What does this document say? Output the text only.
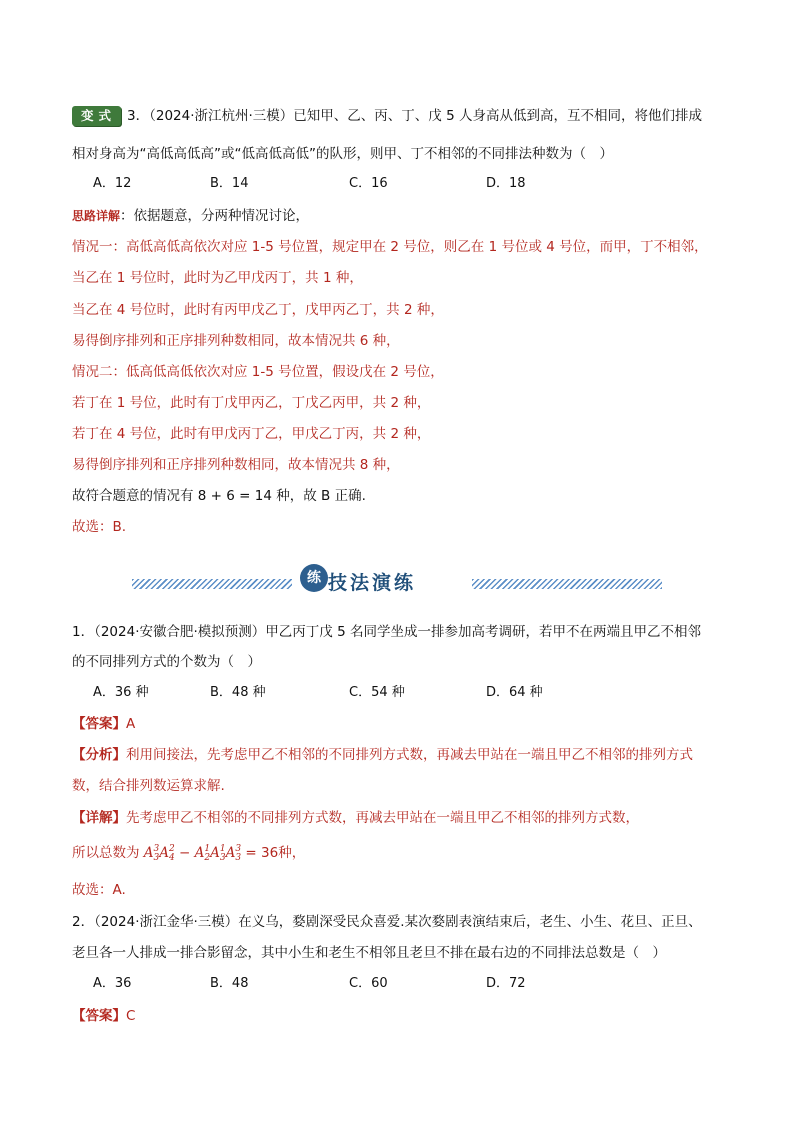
变式 3．（2024·浙江杭州·三模）已知甲、乙、丙、丁、戊 5 人身高从低到高，互不相同，将他们排成
相对身高为“高低高低高”或“低高低高低”的队形，则甲、丁不相邻的不同排法种数为（　）
A．12	B．14	C．16	D．18
思路详解：依据题意，分两种情况讨论，
情况一：高低高低高依次对应 1-5 号位置，规定甲在 2 号位，则乙在 1 号位或 4 号位，而甲，丁不相邻，
当乙在 1 号位时，此时为乙甲戊丙丁，共 1 种，
当乙在 4 号位时，此时有丙甲戊乙丁，戊甲丙乙丁，共 2 种，
易得倒序排列和正序排列种数相同，故本情况共 6 种，
情况二：低高低高低依次对应 1-5 号位置，假设戊在 2 号位，
若丁在 1 号位，此时有丁戊甲丙乙，丁戊乙丙甲，共 2 种，
若丁在 4 号位，此时有甲戊丙丁乙，甲戊乙丁丙，共 2 种，
易得倒序排列和正序排列种数相同，故本情况共 8 种，
故符合题意的情况有 8 + 6 = 14 种，故 B 正确.
故选：B.
练 技法演练
1．（2024·安徽合肥·模拟预测）甲乙丙丁戊 5 名同学坐成一排参加高考调研，若甲不在两端且甲乙不相邻
的不同排列方式的个数为（　）
A．36 种	B．48 种	C．54 种	D．64 种
【答案】A
【分析】利用间接法，先考虑甲乙不相邻的不同排列方式数，再减去甲站在一端且甲乙不相邻的排列方式
数，结合排列数运算求解.
【详解】先考虑甲乙不相邻的不同排列方式数，再减去甲站在一端且甲乙不相邻的排列方式数，
所以总数为 A3
3A2
4 − A1
2A1
3A3
3 = 36种，
故选：A.
2．（2024·浙江金华·三模）在义乌，婺剧深受民众喜爱.某次婺剧表演结束后，老生、小生、花旦、正旦、
老旦各一人排成一排合影留念，其中小生和老生不相邻且老旦不排在最右边的不同排法总数是（　）
A．36	B．48	C．60	D．72
【答案】C
